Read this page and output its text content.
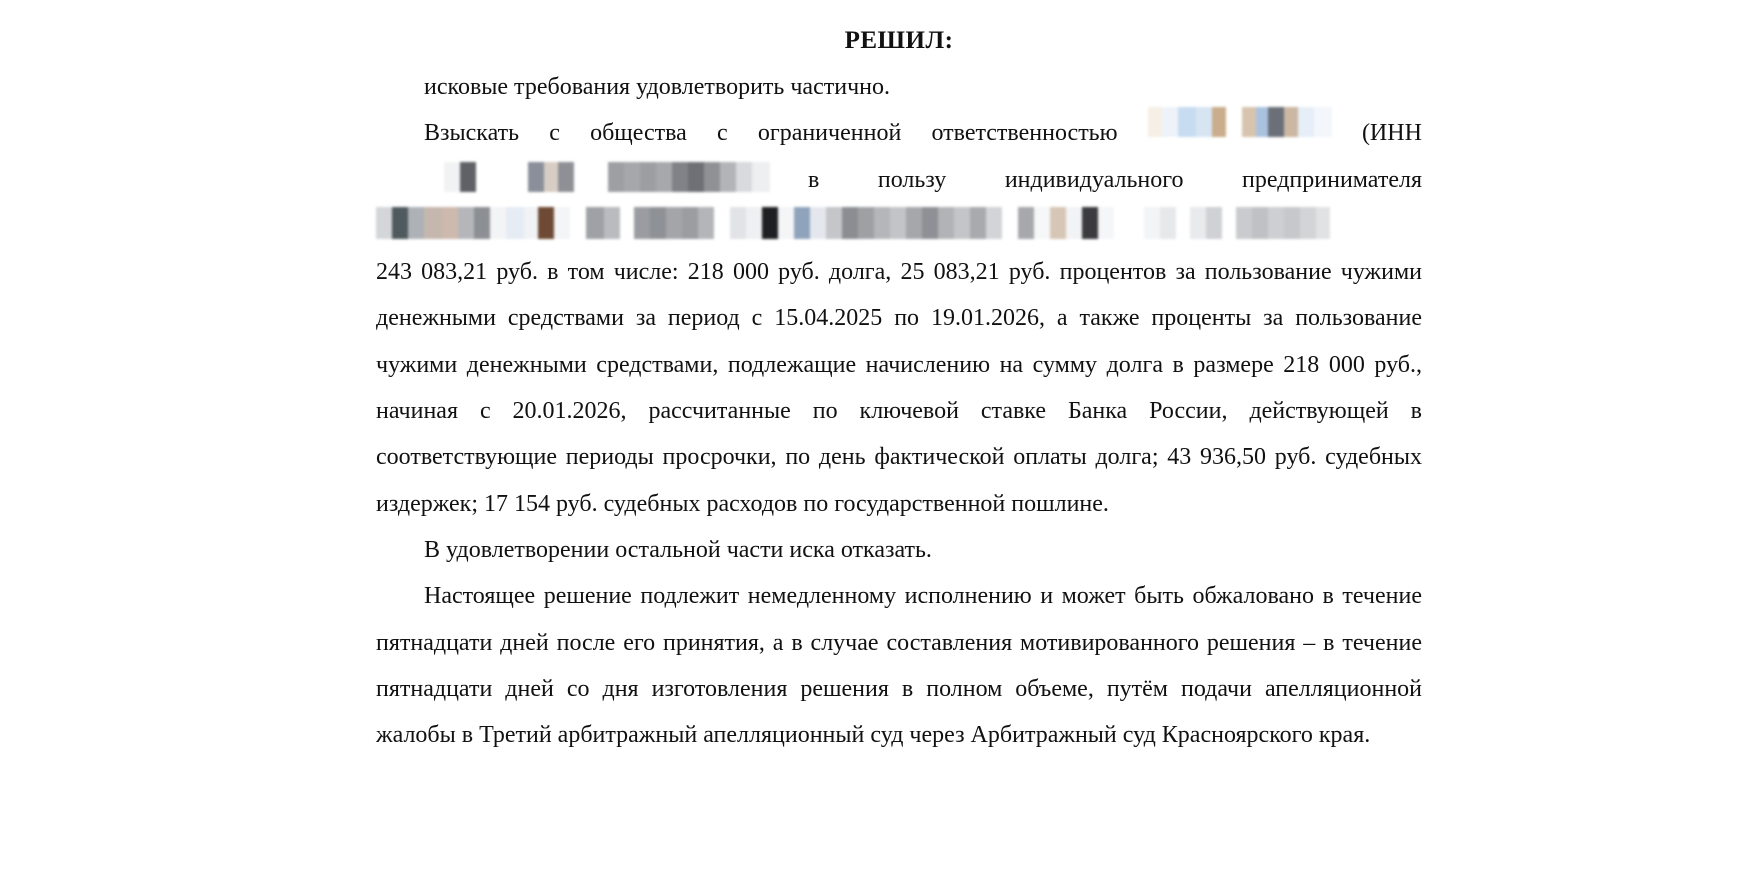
РЕШИЛ:
исковые требования удовлетворить частично.
Взыскать с общества с ограниченной ответственностью	(ИНН
в пользу индивидуального предпринимателя

243 083,21 руб. в том числе: 218 000 руб. долга, 25 083,21 руб. процентов за пользование чужими денежными средствами за период с 15.04.2025 по 19.01.2026, а также проценты за пользование чужими денежными средствами, подлежащие начислению на сумму долга в размере 218 000 руб., начиная с 20.01.2026, рассчитанные по ключевой ставке Банка России, действующей в соответствующие периоды просрочки, по день фактической оплаты долга; 43 936,50 руб. судебных издержек; 17 154 руб. судебных расходов по государственной пошлине.

В удовлетворении остальной части иска отказать.

Настоящее решение подлежит немедленному исполнению и может быть обжаловано в течение пятнадцати дней после его принятия, а в случае составления мотивированного решения – в течение пятнадцати дней со дня изготовления решения в полном объеме, путём подачи апелляционной жалобы в Третий арбитражный апелляционный суд через Арбитражный суд Красноярского края.
